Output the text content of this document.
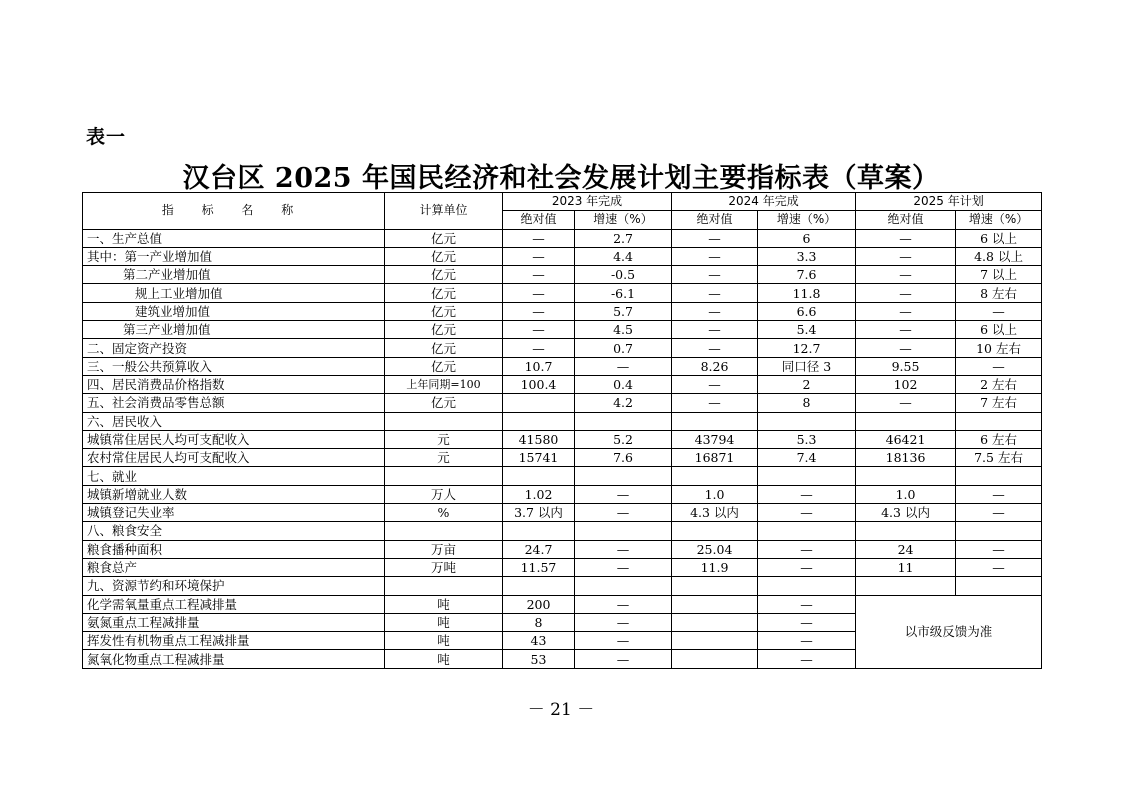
表一
汉台区 2025 年国民经济和社会发展计划主要指标表（草案）
指 标 名 称	计算单位	2023 年完成		2024 年完成		2025 年计划	
		绝对值	增速（%）	绝对值	增速（%）	绝对值	增速（%）
一、生产总值	亿元	—	2.7	—	6	—	6 以上
其中：第一产业增加值	亿元	—	4.4	—	3.3	—	4.8 以上
第二产业增加值	亿元	—	-0.5	—	7.6	—	7 以上
规上工业增加值	亿元	—	-6.1	—	11.8	—	8 左右
建筑业增加值	亿元	—	5.7	—	6.6	—	—
第三产业增加值	亿元	—	4.5	—	5.4	—	6 以上
二、固定资产投资	亿元	—	0.7	—	12.7	—	10 左右
三、一般公共预算收入	亿元	10.7	—	8.26	同口径 3	9.55	—
四、居民消费品价格指数	上年同期=100	100.4	0.4	—	2	102	2 左右
五、社会消费品零售总额	亿元		4.2	—	8	—	7 左右
六、居民收入							
城镇常住居民人均可支配收入	元	41580	5.2	43794	5.3	46421	6 左右
农村常住居民人均可支配收入	元	15741	7.6	16871	7.4	18136	7.5 左右
七、就业							
城镇新增就业人数	万人	1.02	—	1.0	—	1.0	—
城镇登记失业率	%	3.7 以内	—	4.3 以内	—	4.3 以内	—
八、粮食安全							
粮食播种面积	万亩	24.7	—	25.04	—	24	—
粮食总产	万吨	11.57	—	11.9	—	11	—
九、资源节约和环境保护							
化学需氧量重点工程减排量	吨	200	—		—	以市级反馈为准	
氨氮重点工程减排量	吨	8	—		—		
挥发性有机物重点工程减排量	吨	43	—		—		
氮氧化物重点工程减排量	吨	53	—		—		
－ 21 －
